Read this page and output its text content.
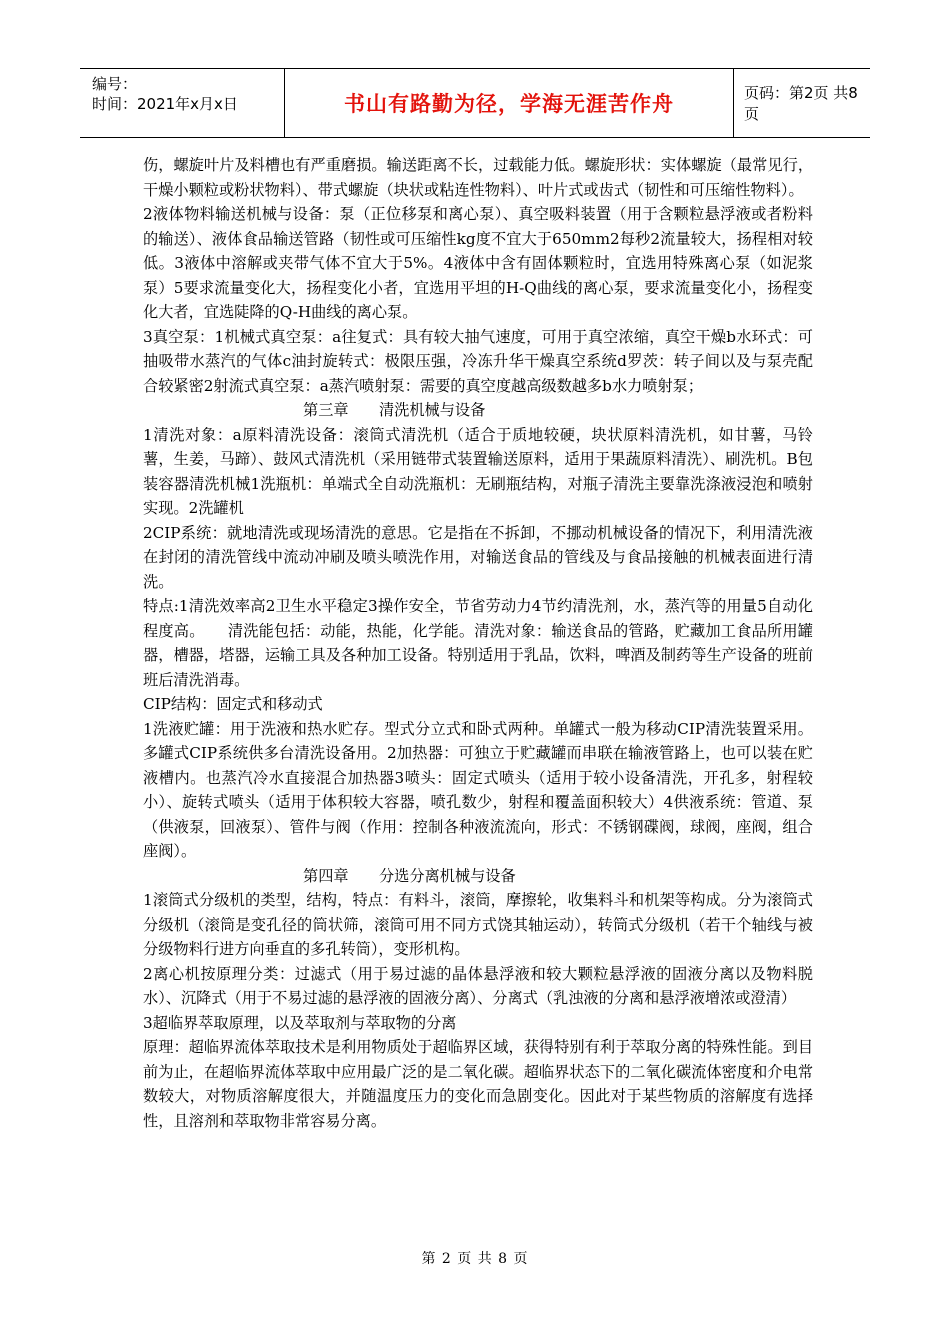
编号：
时间：2021年x月x日	书山有路勤为径，学海无涯苦作舟	页码：第2页 共8页

伤，螺旋叶片及料槽也有严重磨损。输送距离不长，过载能力低。螺旋形状：实体螺旋（最常见行，干燥小颗粒或粉状物料）、带式螺旋（块状或粘连性物料）、叶片式或齿式（韧性和可压缩性物料）。

2液体物料输送机械与设备：泵（正位移泵和离心泵）、真空吸料装置（用于含颗粒悬浮液或者粉料的输送）、液体食品输送管路（韧性或可压缩性kg度不宜大于650mm2每秒2流量较大，扬程相对较低。3液体中溶解或夹带气体不宜大于5%。4液体中含有固体颗粒时，宜选用特殊离心泵（如泥浆泵）5要求流量变化大，扬程变化小者，宜选用平坦的H-Q曲线的离心泵，要求流量变化小，扬程变化大者，宜选陡降的Q-H曲线的离心泵。

3真空泵：1机械式真空泵：a往复式：具有较大抽气速度，可用于真空浓缩，真空干燥b水环式：可抽吸带水蒸汽的气体c油封旋转式：极限压强，冷冻升华干燥真空系统d罗茨：转子间以及与泵壳配合较紧密2射流式真空泵：a蒸汽喷射泵：需要的真空度越高级数越多b水力喷射泵；

第三章　　清洗机械与设备

1清洗对象：a原料清洗设备：滚筒式清洗机（适合于质地较硬，块状原料清洗机，如甘薯，马铃薯，生姜，马蹄）、鼓风式清洗机（采用链带式装置输送原料，适用于果蔬原料清洗）、刷洗机。B包装容器清洗机械1洗瓶机：单端式全自动洗瓶机：无刷瓶结构，对瓶子清洗主要靠洗涤液浸泡和喷射实现。2洗罐机

2CIP系统：就地清洗或现场清洗的意思。它是指在不拆卸，不挪动机械设备的情况下，利用清洗液在封闭的清洗管线中流动冲刷及喷头喷洗作用，对输送食品的管线及与食品接触的机械表面进行清洗。

特点:1清洗效率高2卫生水平稳定3操作安全，节省劳动力4节约清洗剂，水，蒸汽等的用量5自动化程度高。　　清洗能包括：动能，热能，化学能。清洗对象：输送食品的管路，贮藏加工食品所用罐器，槽器，塔器，运输工具及各种加工设备。特别适用于乳品，饮料，啤酒及制药等生产设备的班前班后清洗消毒。

CIP结构：固定式和移动式

1洗液贮罐：用于洗液和热水贮存。型式分立式和卧式两种。单罐式一般为移动CIP清洗装置采用。多罐式CIP系统供多台清洗设备用。2加热器：可独立于贮藏罐而串联在输液管路上，也可以装在贮液槽内。也蒸汽冷水直接混合加热器3喷头：固定式喷头（适用于较小设备清洗，开孔多，射程较小）、旋转式喷头（适用于体积较大容器，喷孔数少，射程和覆盖面积较大）4供液系统：管道、泵（供液泵，回液泵）、管件与阀（作用：控制各种液流流向，形式：不锈钢碟阀，球阀，座阀，组合座阀）。

第四章　　分选分离机械与设备

1滚筒式分级机的类型，结构，特点：有料斗，滚筒，摩擦轮，收集料斗和机架等构成。分为滚筒式分级机（滚筒是变孔径的筒状筛，滚筒可用不同方式饶其轴运动），转筒式分级机（若干个轴线与被分级物料行进方向垂直的多孔转筒），变形机构。

2离心机按原理分类：过滤式（用于易过滤的晶体悬浮液和较大颗粒悬浮液的固液分离以及物料脱水）、沉降式（用于不易过滤的悬浮液的固液分离）、分离式（乳浊液的分离和悬浮液增浓或澄清）

3超临界萃取原理，以及萃取剂与萃取物的分离

原理：超临界流体萃取技术是利用物质处于超临界区域，获得特别有利于萃取分离的特殊性能。到目前为止，在超临界流体萃取中应用最广泛的是二氧化碳。超临界状态下的二氧化碳流体密度和介电常数较大，对物质溶解度很大，并随温度压力的变化而急剧变化。因此对于某些物质的溶解度有选择性，且溶剂和萃取物非常容易分离。

第 2 页 共 8 页
